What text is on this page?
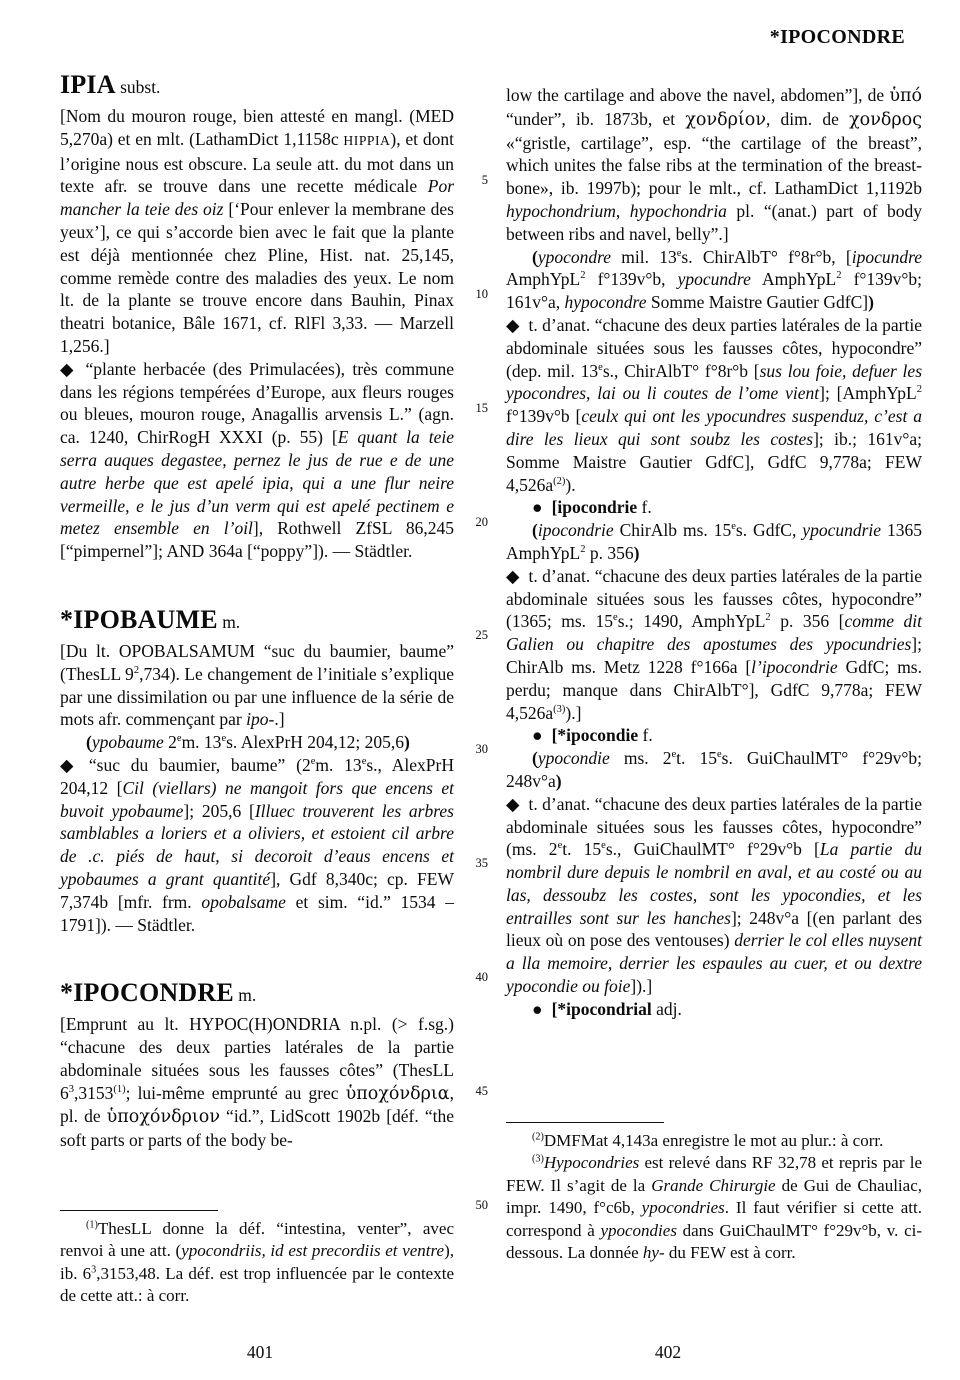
*IPOCONDRE
IPIA subst.
[Nom du mouron rouge, bien attesté en mangl. (MED 5,270a) et en mlt. (LathamDict 1,1158c HIPPIA), et dont l’origine nous est obscure. La seule att. du mot dans un texte afr. se trouve dans une recette médicale Por mancher la teie des oiz [‘Pour enlever la membrane des yeux’], ce qui s’accorde bien avec le fait que la plante est déjà mentionnée chez Pline, Hist. nat. 25,145, comme remède contre des maladies des yeux. Le nom lt. de la plante se trouve encore dans Bauhin, Pinax theatri botanice, Bâle 1671, cf. RlFl 3,33. — Marzell 1,256.]
◆ “plante herbacée (des Primulacées), très commune dans les régions tempérées d’Europe, aux fleurs rouges ou bleues, mouron rouge, Anagallis arvensis L.” (agn. ca. 1240, ChirRogH XXXI (p. 55) [E quant la teie serra auques degastee, pernez le jus de rue e de une autre herbe que est apelé ipia, qui a une flur neire vermeille, e le jus d’un verm qui est apelé pectinem e metez ensemble en l’oil], Rothwell ZfSL 86,245 [“pimpernel”]; AND 364a [“poppy”]). — Städtler.
*IPOBAUME m.
[Du lt. OPOBALSAMUM “suc du baumier, baume” (ThesLL $9^2,734$). Le changement de l’initiale s’explique par une dissimilation ou par une influence de la série de mots afr. commençant par ipo-.]
(ypobaume 2em. 13es. AlexPrH 204,12; 205,6)
◆ “suc du baumier, baume” (2em. 13es., AlexPrH 204,12 [Cil (viellars) ne mangoit fors que encens et buvoit ypobaume]; 205,6 [Illuec trouverent les arbres samblables a loriers et a oliviers, et estoient cil arbre de .c. piés de haut, si decoroit d’eaus encens et ypobaumes a grant quantité], Gdf 8,340c; cp. FEW 7,374b [mfr. frm. opobalsame et sim. “id.” 1534 – 1791]). — Städtler.
*IPOCONDRE m.
[Emprunt au lt. HYPOC(H)ONDRIA n.pl. (> f.sg.) “chacune des deux parties latérales de la partie abdominale situées sous les fausses côtes” (ThesLL $6^3,3153^{(1)}$; lui-même emprunté au grec ὑποχόνδρια, pl. de ὑποχόνδριον “id.”, LidScott 1902b [déf. “the soft parts or parts of the body be-
low the cartilage and above the navel, abdomen”], de ὑπό “under”, ib. 1873b, et χονδρίον, dim. de χονδρος «“gristle, cartilage”, esp. “the cartilage of the breast”, which unites the false ribs at the termination of the breast-bone», ib. 1997b); pour le mlt., cf. LathamDict 1,1192b hypochondrium, hypochondria pl. “(anat.) part of body between ribs and navel, belly”.]
(ypocondre mil. 13es. ChirAlbT° f°8r°b, [ipocundre AmphYpL$^2$ f°139v°b, ypocundre AmphYpL$^2$ f°139v°b; 161v°a, hypocondre Somme Maistre Gautier GdfC])
◆ t. d’anat. “chacune des deux parties latérales de la partie abdominale situées sous les fausses côtes, hypocondre” (dep. mil. 13es., ChirAlbT° f°8r°b [sus lou foie, defuer les ypocondres, lai ou li coutes de l’ome vient]; [AmphYpL$^2$ f°139v°b [ceulx qui ont les ypocundres suspenduz, c’est a dire les lieux qui sont soubz les costes]; ib.; 161v°a; Somme Maistre Gautier GdfC], GdfC 9,778a; FEW $4,526a^{(2)}$).
● [ipocondrie f.
(ipocondrie ChirAlb ms. 15es. GdfC, ypocundrie 1365 AmphYpL$^2$ p. 356)
◆ t. d’anat. “chacune des deux parties latérales de la partie abdominale situées sous les fausses côtes, hypocondre” (1365; ms. 15es.; 1490, AmphYpL$^2$ p. 356 [comme dit Galien ou chapitre des apostumes des ypocundries]; ChirAlb ms. Metz 1228 f°166a [l’ipocondrie GdfC; ms. perdu; manque dans ChirAlbT°], GdfC 9,778a; FEW $4,526a^{(3)}$).]
● [*ipocondie f.
(ypocondie ms. 2et. 15es. GuiChaulMT° f°29v°b; 248v°a)
◆ t. d’anat. “chacune des deux parties latérales de la partie abdominale situées sous les fausses côtes, hypocondre” (ms. 2et. 15es., GuiChaulMT° f°29v°b [La partie du nombril dure depuis le nombril en aval, et au costé ou au las, dessoubz les costes, sont les ypocondies, et les entrailles sont sur les hanches]; 248v°a [(en parlant des lieux où on pose des ventouses) derrier le col elles nuysent a lla memoire, derrier les espaules au cuer, et ou dextre ypocondie ou foie]).]
● [*ipocondrial adj.
5
10
15
20
25
30
35
40
45
50
$^{(1)}$ThesLL donne la déf. “intestina, venter”, avec renvoi à une att. (ypocondriis, id est precordiis et ventre), ib. $6^3,3153,48$. La déf. est trop influencée par le contexte de cette att.: à corr.
$^{(2)}$DMFMat 4,143a enregistre le mot au plur.: à corr.
$^{(3)}$Hypocondries est relevé dans RF 32,78 et repris par le FEW. Il s’agit de la Grande Chirurgie de Gui de Chauliac, impr. 1490, f°c6b, ypocondries. Il faut vérifier si cette att. correspond à ypocondies dans GuiChaulMT° f°29v°b, v. ci-dessous. La donnée hy- du FEW est à corr.
401	402
